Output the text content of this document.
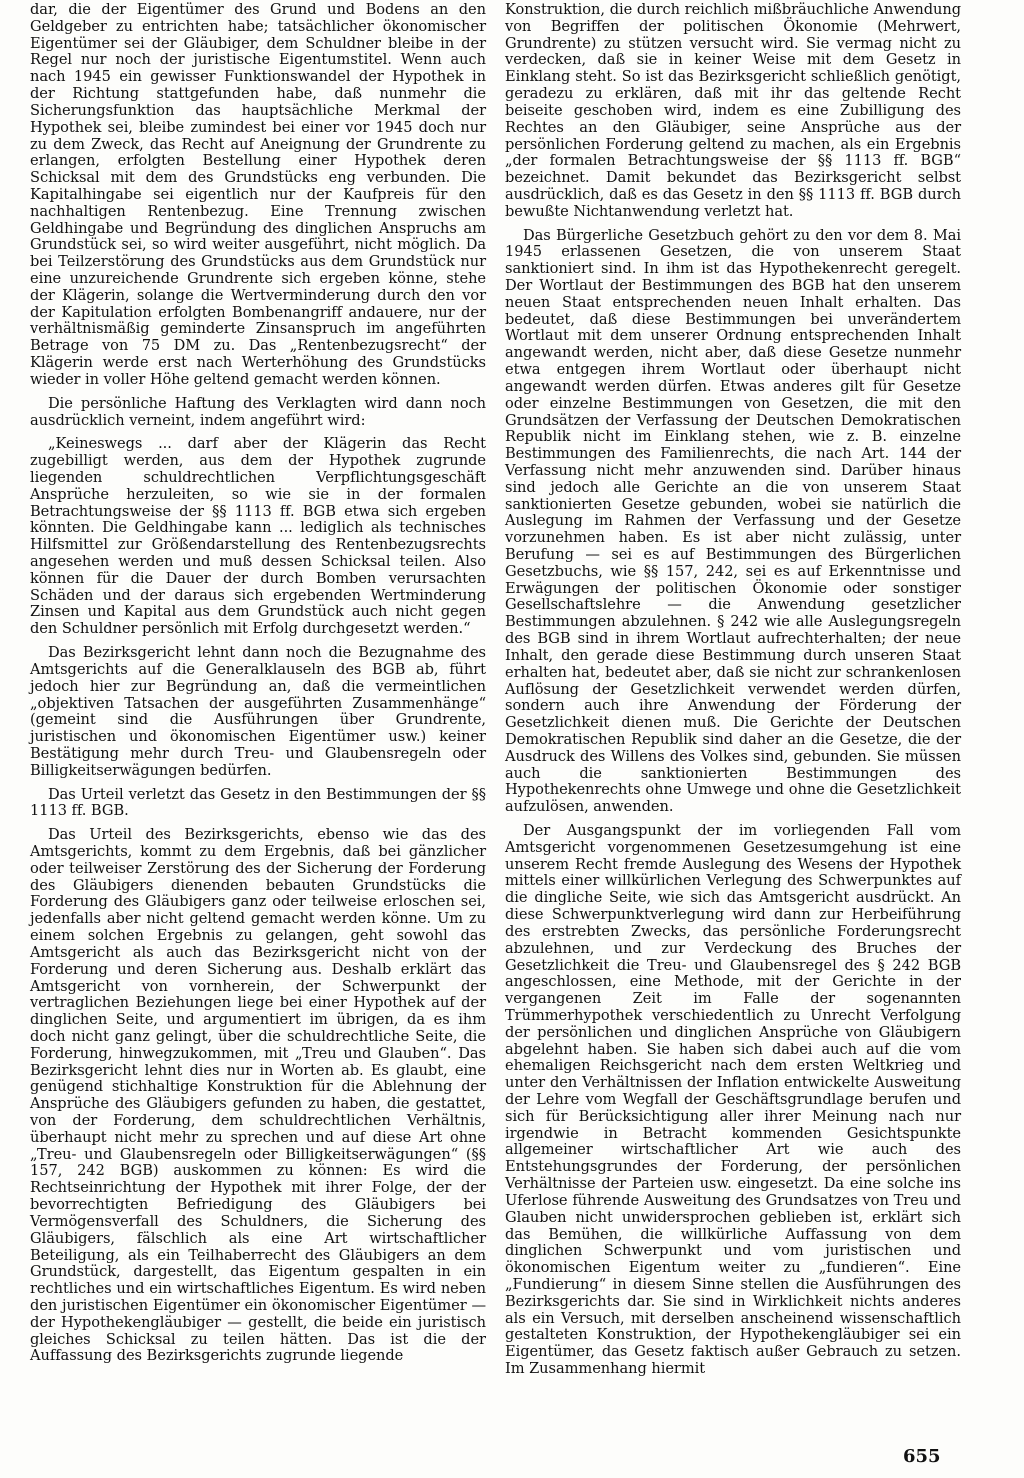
dar, die der Eigentümer des Grund und Bodens an den Geldgeber zu entrichten habe; tatsächlicher ökonomischer Eigentümer sei der Gläubiger, dem Schuldner bleibe in der Regel nur noch der juristische Eigentumstitel. Wenn auch nach 1945 ein gewisser Funktionswandel der Hypothek in der Richtung stattgefunden habe, daß nunmehr die Sicherungsfunktion das hauptsächliche Merkmal der Hypothek sei, bleibe zumindest bei einer vor 1945 doch nur zu dem Zweck, das Recht auf Aneignung der Grundrente zu erlangen, erfolgten Bestellung einer Hypothek deren Schicksal mit dem des Grundstücks eng verbunden. Die Kapitalhingabe sei eigentlich nur der Kaufpreis für den nachhaltigen Rentenbezug. Eine Trennung zwischen Geldhingabe und Begründung des dinglichen Anspruchs am Grundstück sei, so wird weiter ausgeführt, nicht möglich. Da bei Teilzerstörung des Grundstücks aus dem Grundstück nur eine unzureichende Grundrente sich ergeben könne, stehe der Klägerin, solange die Wertverminderung durch den vor der Kapitulation erfolgten Bombenangriff andauere, nur der verhältnismäßig geminderte Zinsanspruch im angeführten Betrage von 75 DM zu. Das „Rentenbezugsrecht“ der Klägerin werde erst nach Werterhöhung des Grundstücks wieder in voller Höhe geltend gemacht werden können.

Die persönliche Haftung des Verklagten wird dann noch ausdrücklich verneint, indem angeführt wird:

„Keineswegs ... darf aber der Klägerin das Recht zugebilligt werden, aus dem der Hypothek zugrunde liegenden schuldrechtlichen Verpflichtungsgeschäft Ansprüche herzuleiten, so wie sie in der formalen Betrachtungsweise der §§ 1113 ff. BGB etwa sich ergeben könnten. Die Geldhingabe kann ... lediglich als technisches Hilfsmittel zur Größendarstellung des Rentenbezugsrechts angesehen werden und muß dessen Schicksal teilen. Also können für die Dauer der durch Bomben verursachten Schäden und der daraus sich ergebenden Wertminderung Zinsen und Kapital aus dem Grundstück auch nicht gegen den Schuldner persönlich mit Erfolg durchgesetzt werden.“

Das Bezirksgericht lehnt dann noch die Bezugnahme des Amtsgerichts auf die Generalklauseln des BGB ab, führt jedoch hier zur Begründung an, daß die vermeintlichen „objektiven Tatsachen der ausgeführten Zusammenhänge“ (gemeint sind die Ausführungen über Grundrente, juristischen und ökonomischen Eigentümer usw.) keiner Bestätigung mehr durch Treu- und Glaubensregeln oder Billigkeitserwägungen bedürfen.

Das Urteil verletzt das Gesetz in den Bestimmungen der §§ 1113 ff. BGB.

Das Urteil des Bezirksgerichts, ebenso wie das des Amtsgerichts, kommt zu dem Ergebnis, daß bei gänzlicher oder teilweiser Zerstörung des der Sicherung der Forderung des Gläubigers dienenden bebauten Grundstücks die Forderung des Gläubigers ganz oder teilweise erloschen sei, jedenfalls aber nicht geltend gemacht werden könne. Um zu einem solchen Ergebnis zu gelangen, geht sowohl das Amtsgericht als auch das Bezirksgericht nicht von der Forderung und deren Sicherung aus. Deshalb erklärt das Amtsgericht von vornherein, der Schwerpunkt der vertraglichen Beziehungen liege bei einer Hypothek auf der dinglichen Seite, und argumentiert im übrigen, da es ihm doch nicht ganz gelingt, über die schuldrechtliche Seite, die Forderung, hinwegzukommen, mit „Treu und Glauben“. Das Bezirksgericht lehnt dies nur in Worten ab. Es glaubt, eine genügend stichhaltige Konstruktion für die Ablehnung der Ansprüche des Gläubigers gefunden zu haben, die gestattet, von der Forderung, dem schuldrechtlichen Verhältnis, überhaupt nicht mehr zu sprechen und auf diese Art ohne „Treu- und Glaubensregeln oder Billigkeitserwägungen“ (§§ 157, 242 BGB) auskommen zu können: Es wird die Rechtseinrichtung der Hypothek mit ihrer Folge, der der bevorrechtigten Befriedigung des Gläubigers bei Vermögensverfall des Schuldners, die Sicherung des Gläubigers, fälschlich als eine Art wirtschaftlicher Beteiligung, als ein Teilhaberrecht des Gläubigers an dem Grundstück, dargestellt, das Eigentum gespalten in ein rechtliches und ein wirtschaftliches Eigentum. Es wird neben den juristischen Eigentümer ein ökonomischer Eigentümer — der Hypothekengläubiger — gestellt, die beide ein juristisch gleiches Schicksal zu teilen hätten. Das ist die der Auffassung des Bezirksgerichts zugrunde liegende

Konstruktion, die durch reichlich mißbräuchliche Anwendung von Begriffen der politischen Ökonomie (Mehrwert, Grundrente) zu stützen versucht wird. Sie vermag nicht zu verdecken, daß sie in keiner Weise mit dem Gesetz in Einklang steht. So ist das Bezirksgericht schließlich genötigt, geradezu zu erklären, daß mit ihr das geltende Recht beiseite geschoben wird, indem es eine Zubilligung des Rechtes an den Gläubiger, seine Ansprüche aus der persönlichen Forderung geltend zu machen, als ein Ergebnis „der formalen Betrachtungsweise der §§ 1113 ff. BGB“ bezeichnet. Damit bekundet das Bezirksgericht selbst ausdrücklich, daß es das Gesetz in den §§ 1113 ff. BGB durch bewußte Nichtanwendung verletzt hat.

Das Bürgerliche Gesetzbuch gehört zu den vor dem 8. Mai 1945 erlassenen Gesetzen, die von unserem Staat sanktioniert sind. In ihm ist das Hypothekenrecht geregelt. Der Wortlaut der Bestimmungen des BGB hat den unserem neuen Staat entsprechenden neuen Inhalt erhalten. Das bedeutet, daß diese Bestimmungen bei unverändertem Wortlaut mit dem unserer Ordnung entsprechenden Inhalt angewandt werden, nicht aber, daß diese Gesetze nunmehr etwa entgegen ihrem Wortlaut oder überhaupt nicht angewandt werden dürfen. Etwas anderes gilt für Gesetze oder einzelne Bestimmungen von Gesetzen, die mit den Grundsätzen der Verfassung der Deutschen Demokratischen Republik nicht im Einklang stehen, wie z. B. einzelne Bestimmungen des Familienrechts, die nach Art. 144 der Verfassung nicht mehr anzuwenden sind. Darüber hinaus sind jedoch alle Gerichte an die von unserem Staat sanktionierten Gesetze gebunden, wobei sie natürlich die Auslegung im Rahmen der Verfassung und der Gesetze vorzunehmen haben. Es ist aber nicht zulässig, unter Berufung — sei es auf Bestimmungen des Bürgerlichen Gesetzbuchs, wie §§ 157, 242, sei es auf Erkenntnisse und Erwägungen der politischen Ökonomie oder sonstiger Gesellschaftslehre — die Anwendung gesetzlicher Bestimmungen abzulehnen. § 242 wie alle Auslegungsregeln des BGB sind in ihrem Wortlaut aufrechterhalten; der neue Inhalt, den gerade diese Bestimmung durch unseren Staat erhalten hat, bedeutet aber, daß sie nicht zur schrankenlosen Auflösung der Gesetzlichkeit verwendet werden dürfen, sondern auch ihre Anwendung der Förderung der Gesetzlichkeit dienen muß. Die Gerichte der Deutschen Demokratischen Republik sind daher an die Gesetze, die der Ausdruck des Willens des Volkes sind, gebunden. Sie müssen auch die sanktionierten Bestimmungen des Hypothekenrechts ohne Umwege und ohne die Gesetzlichkeit aufzulösen, anwenden.

Der Ausgangspunkt der im vorliegenden Fall vom Amtsgericht vorgenommenen Gesetzesumgehung ist eine unserem Recht fremde Auslegung des Wesens der Hypothek mittels einer willkürlichen Verlegung des Schwerpunktes auf die dingliche Seite, wie sich das Amtsgericht ausdrückt. An diese Schwerpunktverlegung wird dann zur Herbeiführung des erstrebten Zwecks, das persönliche Forderungsrecht abzulehnen, und zur Verdeckung des Bruches der Gesetzlichkeit die Treu- und Glaubensregel des § 242 BGB angeschlossen, eine Methode, mit der Gerichte in der vergangenen Zeit im Falle der sogenannten Trümmerhypothek verschiedentlich zu Unrecht Verfolgung der persönlichen und dinglichen Ansprüche von Gläubigern abgelehnt haben. Sie haben sich dabei auch auf die vom ehemaligen Reichsgericht nach dem ersten Weltkrieg und unter den Verhältnissen der Inflation entwickelte Ausweitung der Lehre vom Wegfall der Geschäftsgrundlage berufen und sich für Berücksichtigung aller ihrer Meinung nach nur irgendwie in Betracht kommenden Gesichtspunkte allgemeiner wirtschaftlicher Art wie auch des Entstehungsgrundes der Forderung, der persönlichen Verhältnisse der Parteien usw. eingesetzt. Da eine solche ins Uferlose führende Ausweitung des Grundsatzes von Treu und Glauben nicht unwidersprochen geblieben ist, erklärt sich das Bemühen, die willkürliche Auffassung von dem dinglichen Schwerpunkt und vom juristischen und ökonomischen Eigentum weiter zu „fundieren“. Eine „Fundierung“ in diesem Sinne stellen die Ausführungen des Bezirksgerichts dar. Sie sind in Wirklichkeit nichts anderes als ein Versuch, mit derselben anscheinend wissenschaftlich gestalteten Konstruktion, der Hypothekengläubiger sei ein Eigentümer, das Gesetz faktisch außer Gebrauch zu setzen. Im Zusammenhang hiermit

655
